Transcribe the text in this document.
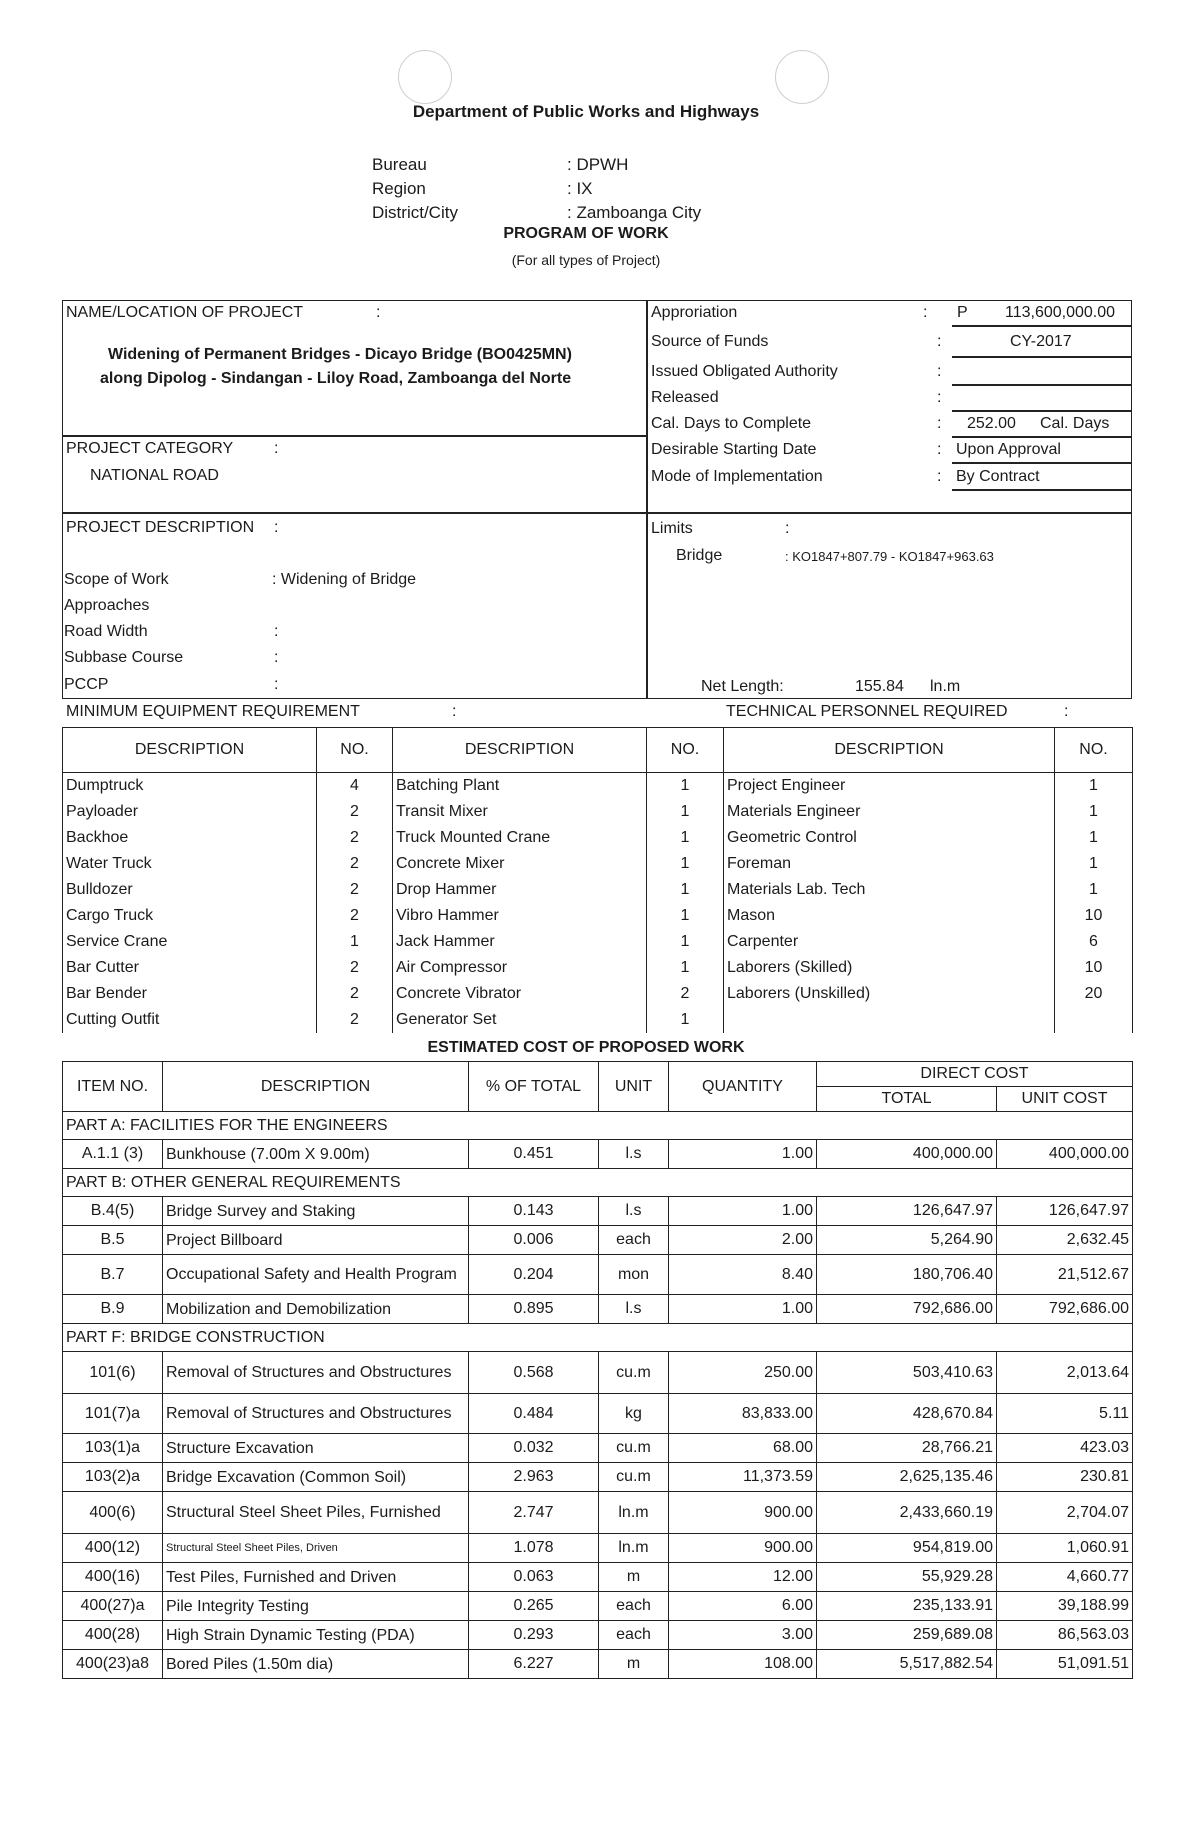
Department of Public Works and Highways
Bureau	: DPWH
Region	: IX
District/City	: Zamboanga City
PROGRAM OF WORK
(For all types of Project)
NAME/LOCATION OF PROJECT	:
Widening of Permanent Bridges - Dicayo Bridge (BO0425MN)
along Dipolog - Sindangan - Liloy Road, Zamboanga del Norte
PROJECT CATEGORY	:
NATIONAL ROAD
PROJECT DESCRIPTION :
Scope of Work	: Widening of Bridge
Approaches
Road Width	:
Subbase Course	:
PCCP	:
Approriation	: P 113,600,000.00
Source of Funds	:	CY-2017
Issued Obligated Authority	:
Released	:
Cal. Days to Complete	: 252.00 Cal. Days
Desirable Starting Date	: Upon Approval
Mode of Implementation	: By Contract
Limits	:
Bridge	: KO1847+807.79 - KO1847+963.63
Net Length:	155.84 ln.m
MINIMUM EQUIPMENT REQUIREMENT	:	TECHNICAL PERSONNEL REQUIRED	:
DESCRIPTION	NO.	DESCRIPTION	NO.	DESCRIPTION	NO.
Dumptruck	4	Batching Plant	1	Project Engineer	1
Payloader	2	Transit Mixer	1	Materials Engineer	1
Backhoe	2	Truck Mounted Crane	1	Geometric Control	1
Water Truck	2	Concrete Mixer	1	Foreman	1
Bulldozer	2	Drop Hammer	1	Materials Lab. Tech	1
Cargo Truck	2	Vibro Hammer	1	Mason	10
Service Crane	1	Jack Hammer	1	Carpenter	6
Bar Cutter	2	Air Compressor	1	Laborers (Skilled)	10
Bar Bender	2	Concrete Vibrator	2	Laborers (Unskilled)	20
Cutting Outfit	2	Generator Set	1		
ESTIMATED COST OF PROPOSED WORK
ITEM NO.	DESCRIPTION	% OF TOTAL	UNIT	QUANTITY	DIRECT COST	
					TOTAL	UNIT COST
PART A: FACILITIES FOR THE ENGINEERS						
A.1.1 (3)	Bunkhouse (7.00m X 9.00m)	0.451	l.s	1.00	400,000.00	400,000.00
PART B: OTHER GENERAL REQUIREMENTS						
B.4(5)	Bridge Survey and Staking	0.143	l.s	1.00	126,647.97	126,647.97
B.5	Project Billboard	0.006	each	2.00	5,264.90	2,632.45
B.7	Occupational Safety and Health Program	0.204	mon	8.40	180,706.40	21,512.67
B.9	Mobilization and Demobilization	0.895	l.s	1.00	792,686.00	792,686.00
PART F: BRIDGE CONSTRUCTION						
101(6)	Removal of Structures and Obstructures	0.568	cu.m	250.00	503,410.63	2,013.64
101(7)a	Removal of Structures and Obstructures	0.484	kg	83,833.00	428,670.84	5.11
103(1)a	Structure Excavation	0.032	cu.m	68.00	28,766.21	423.03
103(2)a	Bridge Excavation (Common Soil)	2.963	cu.m	11,373.59	2,625,135.46	230.81
400(6)	Structural Steel Sheet Piles, Furnished	2.747	ln.m	900.00	2,433,660.19	2,704.07
400(12)	Structural Steel Sheet Piles, Driven	1.078	ln.m	900.00	954,819.00	1,060.91
400(16)	Test Piles, Furnished and Driven	0.063	m	12.00	55,929.28	4,660.77
400(27)a	Pile Integrity Testing	0.265	each	6.00	235,133.91	39,188.99
400(28)	High Strain Dynamic Testing (PDA)	0.293	each	3.00	259,689.08	86,563.03
400(23)a8	Bored Piles (1.50m dia)	6.227	m	108.00	5,517,882.54	51,091.51
